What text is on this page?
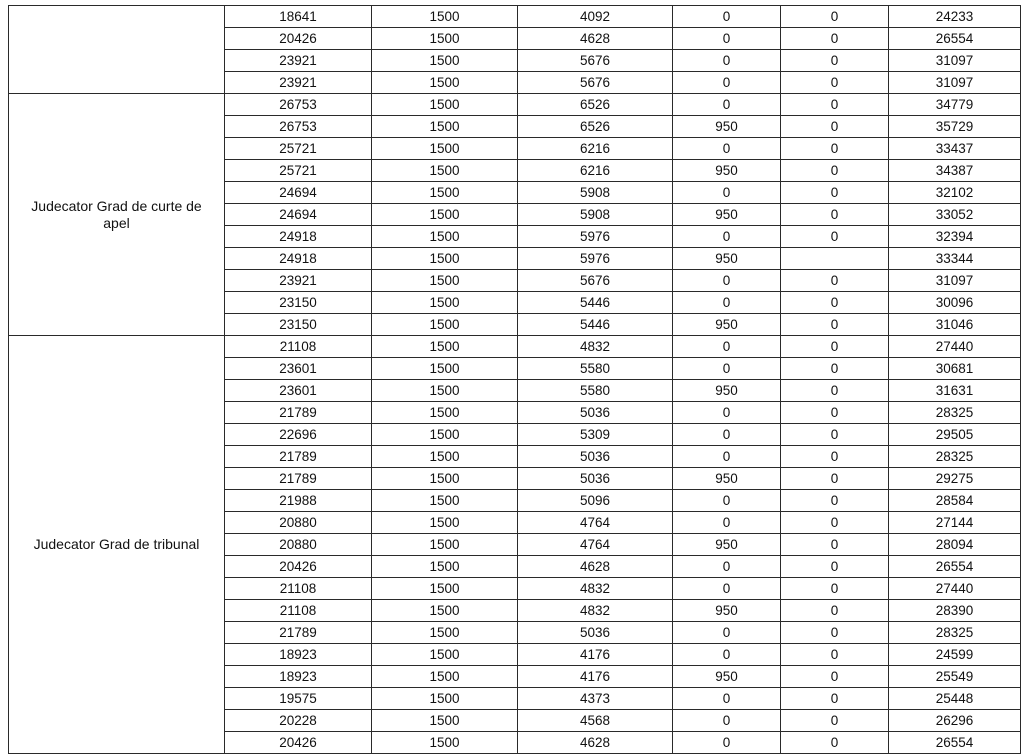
	18641	1500	4092	0	0	24233
	20426	1500	4628	0	0	26554
	23921	1500	5676	0	0	31097
	23921	1500	5676	0	0	31097
Judecator Grad de curte de apel	26753	1500	6526	0	0	34779
	26753	1500	6526	950	0	35729
	25721	1500	6216	0	0	33437
	25721	1500	6216	950	0	34387
	24694	1500	5908	0	0	32102
	24694	1500	5908	950	0	33052
	24918	1500	5976	0	0	32394
	24918	1500	5976	950		33344
	23921	1500	5676	0	0	31097
	23150	1500	5446	0	0	30096
	23150	1500	5446	950	0	31046
Judecator Grad de tribunal	21108	1500	4832	0	0	27440
	23601	1500	5580	0	0	30681
	23601	1500	5580	950	0	31631
	21789	1500	5036	0	0	28325
	22696	1500	5309	0	0	29505
	21789	1500	5036	0	0	28325
	21789	1500	5036	950	0	29275
	21988	1500	5096	0	0	28584
	20880	1500	4764	0	0	27144
	20880	1500	4764	950	0	28094
	20426	1500	4628	0	0	26554
	21108	1500	4832	0	0	27440
	21108	1500	4832	950	0	28390
	21789	1500	5036	0	0	28325
	18923	1500	4176	0	0	24599
	18923	1500	4176	950	0	25549
	19575	1500	4373	0	0	25448
	20228	1500	4568	0	0	26296
	20426	1500	4628	0	0	26554
